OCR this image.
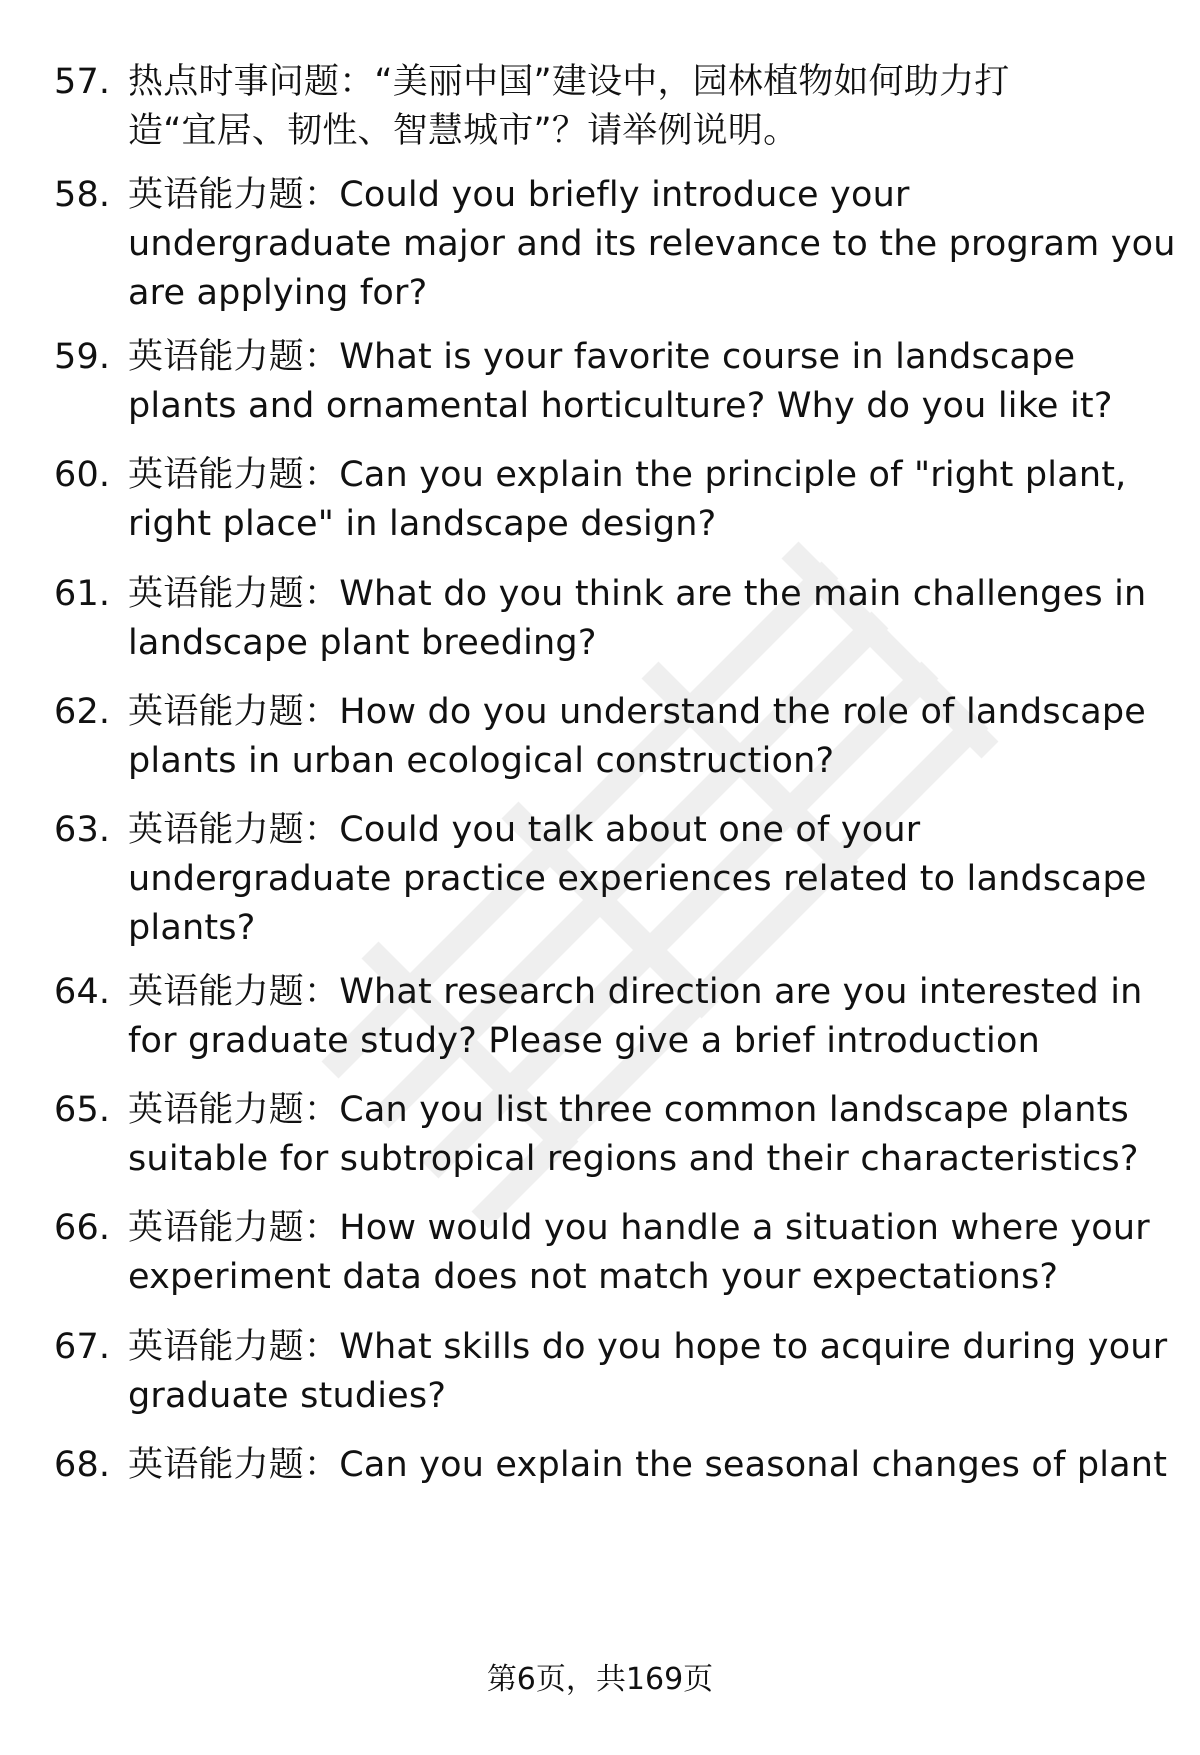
57. 热点时事问题：“美丽中国”建设中，园林植物如何助力打
造“宜居、韧性、智慧城市”？请举例说明。
58. 英语能力题：Could you briefly introduce your
undergraduate major and its relevance to the program you
are applying for?
59. 英语能力题：What is your favorite course in landscape
plants and ornamental horticulture? Why do you like it?
60. 英语能力题：Can you explain the principle of "right plant,
right place" in landscape design?
61. 英语能力题：What do you think are the main challenges in
landscape plant breeding?
62. 英语能力题：How do you understand the role of landscape
plants in urban ecological construction?
63. 英语能力题：Could you talk about one of your
undergraduate practice experiences related to landscape
plants?
64. 英语能力题：What research direction are you interested in
for graduate study? Please give a brief introduction
65. 英语能力题：Can you list three common landscape plants
suitable for subtropical regions and their characteristics?
66. 英语能力题：How would you handle a situation where your
experiment data does not match your expectations?
67. 英语能力题：What skills do you hope to acquire during your
graduate studies?
68. 英语能力题：Can you explain the seasonal changes of plant
第6页，共169页
